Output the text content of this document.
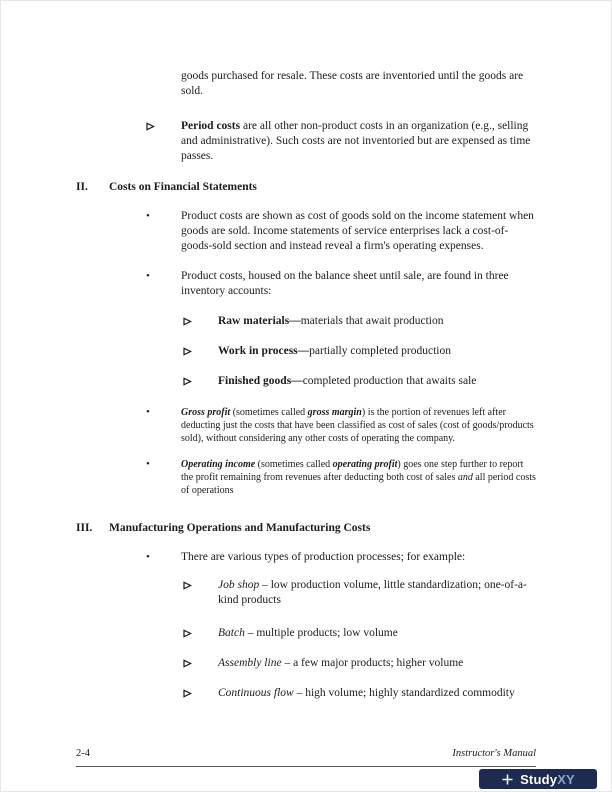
goods purchased for resale. These costs are inventoried until the goods are sold.

Period costs are all other non-product costs in an organization (e.g., selling and administrative). Such costs are not inventoried but are expensed as time passes.
II. Costs on Financial Statements
•	Product costs are shown as cost of goods sold on the income statement when goods are sold. Income statements of service enterprises lack a cost-of-goods-sold section and instead reveal a firm's operating expenses.
•	Product costs, housed on the balance sheet until sale, are found in three inventory accounts:
Raw materials—materials that await production
Work in process—partially completed production
Finished goods—completed production that awaits sale
•	Gross profit (sometimes called gross margin) is the portion of revenues left after deducting just the costs that have been classified as cost of sales (cost of goods/products sold), without considering any other costs of operating the company.
•	Operating income (sometimes called operating profit) goes one step further to report the profit remaining from revenues after deducting both cost of sales and all period costs of operations
III. Manufacturing Operations and Manufacturing Costs
•	There are various types of production processes; for example:
Job shop – low production volume, little standardization; one-of-a-kind products
Batch – multiple products; low volume
Assembly line – a few major products; higher volume
Continuous flow – high volume; highly standardized commodity
2-4	Instructor's Manual
StudyXY
